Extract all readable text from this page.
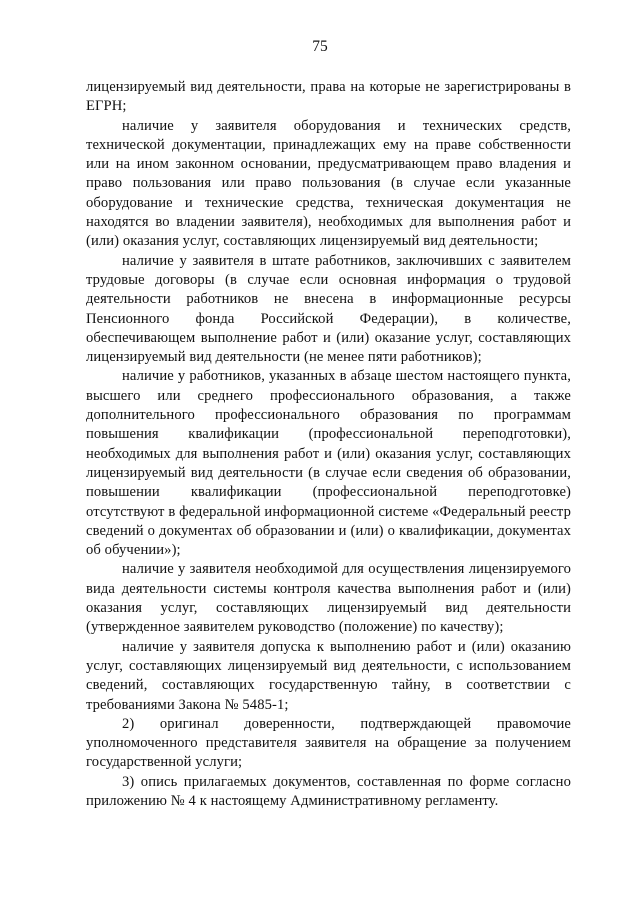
75

лицензируемый вид деятельности, права на которые не зарегистрированы в ЕГРН;

наличие у заявителя оборудования и технических средств, технической документации, принадлежащих ему на праве собственности или на ином законном основании, предусматривающем право владения и право пользования или право пользования (в случае если указанные оборудование и технические средства, техническая документация не находятся во владении заявителя), необходимых для выполнения работ и (или) оказания услуг, составляющих лицензируемый вид деятельности;

наличие у заявителя в штате работников, заключивших с заявителем трудовые договоры (в случае если основная информация о трудовой деятельности работников не внесена в информационные ресурсы Пенсионного фонда Российской Федерации), в количестве, обеспечивающем выполнение работ и (или) оказание услуг, составляющих лицензируемый вид деятельности (не менее пяти работников);

наличие у работников, указанных в абзаце шестом настоящего пункта, высшего или среднего профессионального образования, а также дополнительного профессионального образования по программам повышения квалификации (профессиональной переподготовки), необходимых для выполнения работ и (или) оказания услуг, составляющих лицензируемый вид деятельности (в случае если сведения об образовании, повышении квалификации (профессиональной переподготовке) отсутствуют в федеральной информационной системе «Федеральный реестр сведений о документах об образовании и (или) о квалификации, документах об обучении»);

наличие у заявителя необходимой для осуществления лицензируемого вида деятельности системы контроля качества выполнения работ и (или) оказания услуг, составляющих лицензируемый вид деятельности (утвержденное заявителем руководство (положение) по качеству);

наличие у заявителя допуска к выполнению работ и (или) оказанию услуг, составляющих лицензируемый вид деятельности, с использованием сведений, составляющих государственную тайну, в соответствии с требованиями Закона № 5485-1;

2) оригинал доверенности, подтверждающей правомочие уполномоченного представителя заявителя на обращение за получением государственной услуги;

3) опись прилагаемых документов, составленная по форме согласно приложению № 4 к настоящему Административному регламенту.
